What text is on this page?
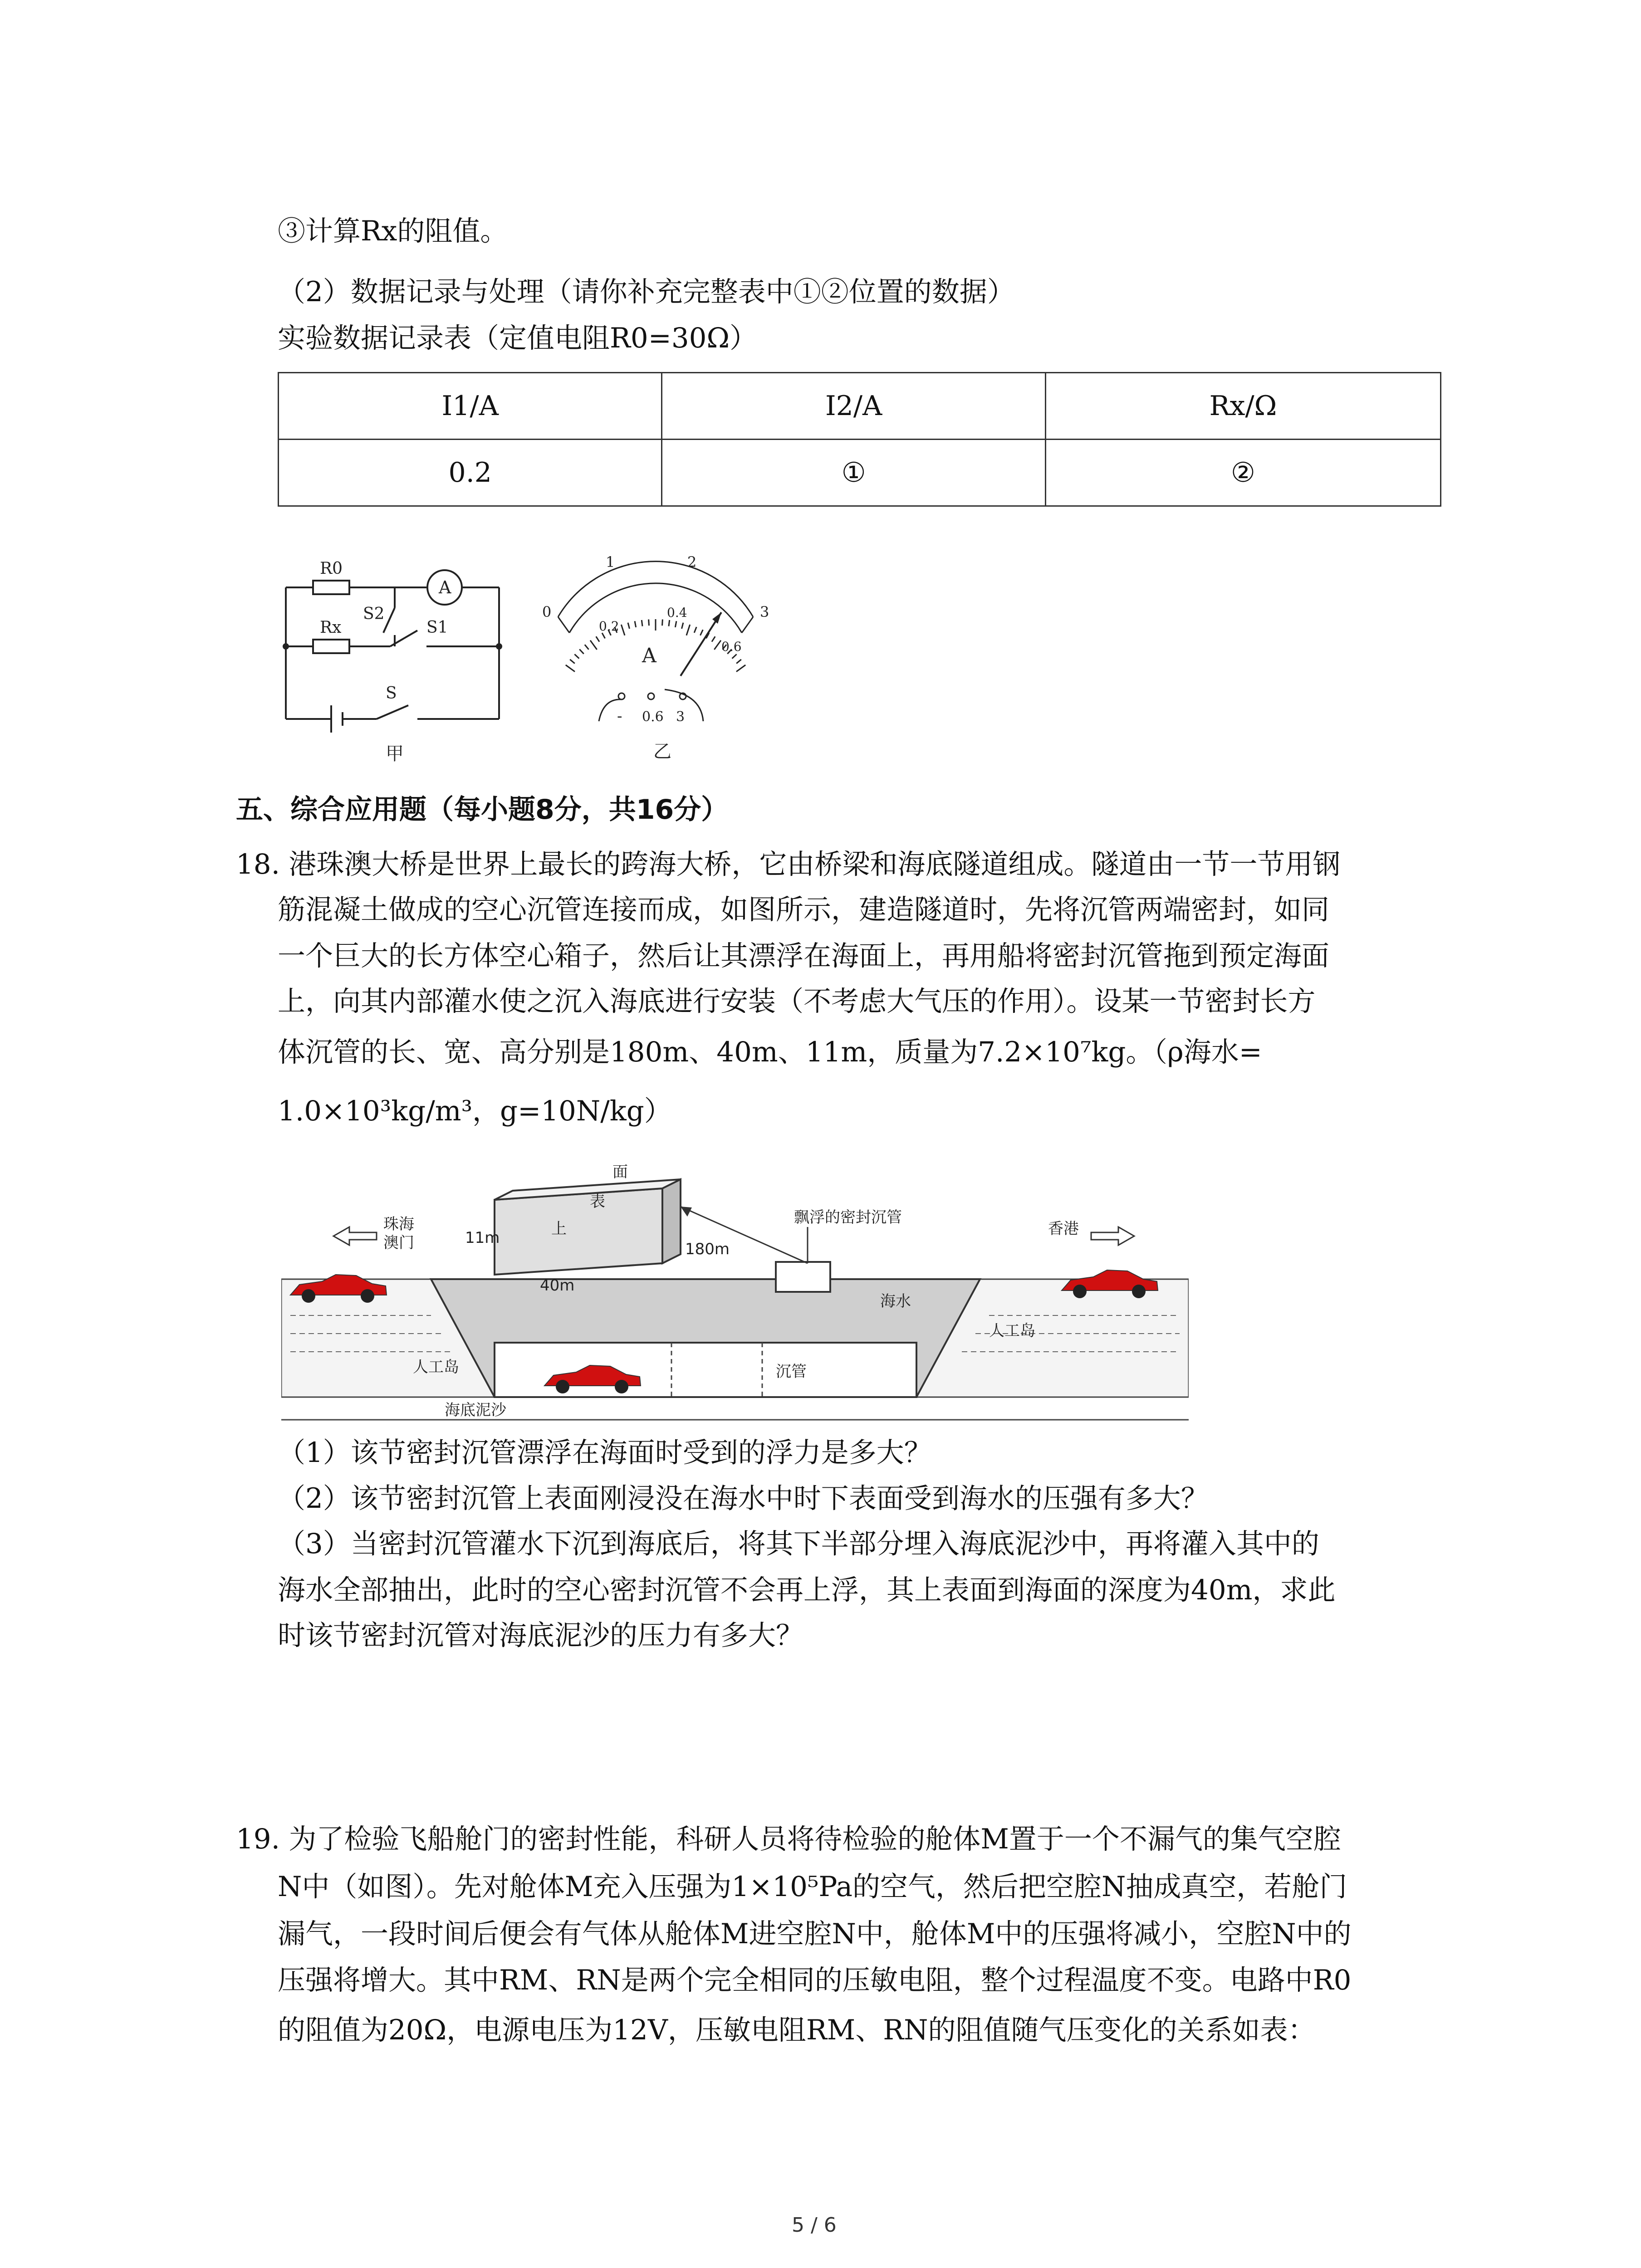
③计算Rx的阻值。
（2）数据记录与处理（请你补充完整表中①②位置的数据）
实验数据记录表（定值电阻R0=30Ω）
I1/A	I2/A	Rx/Ω
0.2	①	②
R0
Rx
S2
S1
S
A
甲
0
1	2
3
0.2
0.4
0.6
A
- 0.6 3
乙
五、综合应用题（每小题8分，共16分）
18. 港珠澳大桥是世界上最长的跨海大桥，它由桥梁和海底隧道组成。隧道由一节一节用钢
筋混凝土做成的空心沉管连接而成，如图所示，建造隧道时，先将沉管两端密封，如同
一个巨大的长方体空心箱子，然后让其漂浮在海面上，再用船将密封沉管拖到预定海面
上，向其内部灌水使之沉入海底进行安装（不考虑大气压的作用）。设某一节密封长方
体沉管的长、宽、高分别是180m、40m、11m，质量为7.2×10⁷kg。（ρ海水=
1.0×10³kg/m³，g=10N/kg）
珠海澳门
香港
飘浮的密封沉管
海水
人工岛
人工岛
沉管
海底泥沙
11m
40m
180m
面
表
上
（1）该节密封沉管漂浮在海面时受到的浮力是多大？
（2）该节密封沉管上表面刚浸没在海水中时下表面受到海水的压强有多大？
（3）当密封沉管灌水下沉到海底后，将其下半部分埋入海底泥沙中，再将灌入其中的
海水全部抽出，此时的空心密封沉管不会再上浮，其上表面到海面的深度为40m，求此
时该节密封沉管对海底泥沙的压力有多大？
19. 为了检验飞船舱门的密封性能，科研人员将待检验的舱体M置于一个不漏气的集气空腔
N中（如图）。先对舱体M充入压强为1×10⁵Pa的空气，然后把空腔N抽成真空，若舱门
漏气，一段时间后便会有气体从舱体M进空腔N中，舱体M中的压强将减小，空腔N中的
压强将增大。其中RM、RN是两个完全相同的压敏电阻，整个过程温度不变。电路中R0
的阻值为20Ω，电源电压为12V，压敏电阻RM、RN的阻值随气压变化的关系如表：
5 / 6
